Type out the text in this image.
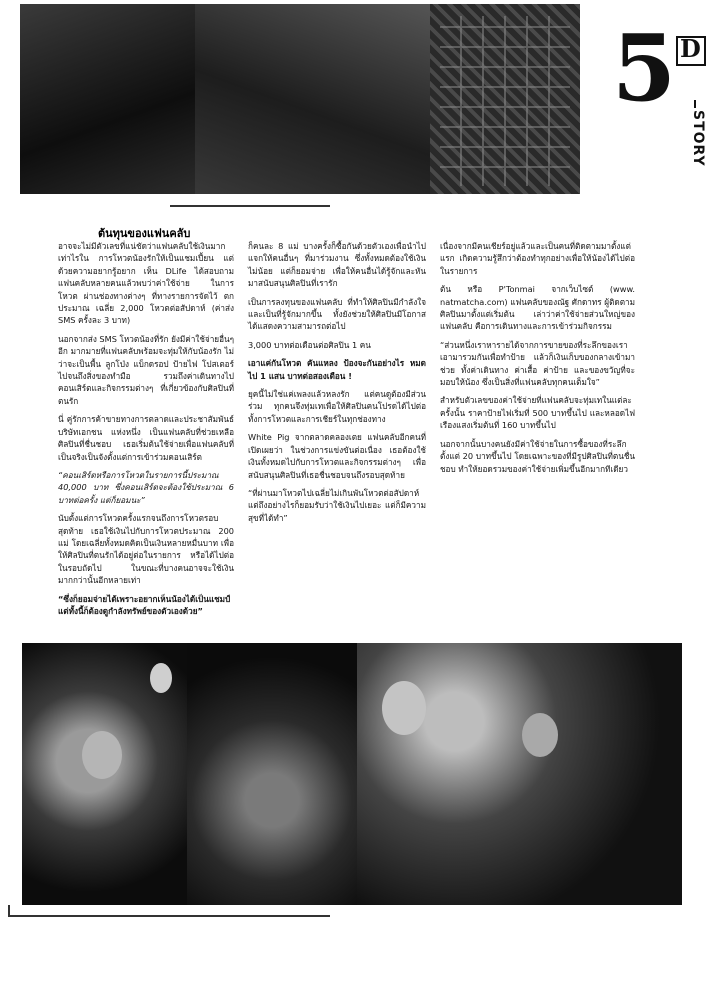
5 D
STORY
ต้นทุนของแฟนคลับ

อาจจะไม่มีตัวเลขที่แน่ชัดว่าแฟนคลับใช้เงินมากเท่าไรใน การโหวตน้องรักให้เป็นแชมเปี้ยน แต่ด้วยความอยากรู้อยาก เห็น DLife ได้สอบถามแฟนคลับหลายคนแล้วพบว่าค่าใช้จ่าย ในการโหวต ผ่านช่องทางต่างๆ ที่ทางรายการจัดไว้ ตกประมาณ เฉลี่ย 2,000 โหวตต่อสัปดาห์ (ค่าส่ง SMS ครั้งละ 3 บาท)

นอกจากส่ง SMS โหวตน้องที่รัก ยังมีค่าใช้จ่ายอื่นๆ อีก มากมายที่แฟนคลับพร้อมจะทุ่มให้กับน้องรัก ไม่ว่าจะเป็นพื้น ลูกโป่ง แบ็กดรอป ป้ายไฟ โปสเตอร์ ไปจนถึงสิ่งของทำมือ รวมถึงค่าเดินทางไปคอนเสิร์ตและกิจกรรมต่างๆ ที่เกี่ยวข้องกับศิลปินที่ตนรัก

นี่ คู่รักการค้าขายทางการตลาดและประชาสัมพันธ์ บริษัทเอกชน แห่งหนึ่ง เป็นแฟนคลับที่ช่วยเหลือศิลปินที่ชื่นชอบ เธอเริ่มต้นใช้จ่ายเพื่อแฟนคลับที่เป็นจริงเป็นจังตั้งแต่การเข้าร่วมคอนเสิร์ต

“คอนเสิร์ตหรือการโหวตในรายการนี้ประมาณ 40,000 บาท ซึ่งคอนเสิร์ตจะต้องใช้ประมาณ 6 บาทต่อครั้ง แต่ก็ยอมนะ”

นับตั้งแต่การโหวตครั้งแรกจนถึงการโหวตรอบสุดท้าย เธอใช้เงินไปกับการโหวตประมาณ 200 แม่ โดยเฉลี่ยทั้งหมดคิดเป็นเงินหลายหมื่นบาท เพื่อให้ศิลปินที่ตนรักได้อยู่ต่อในรายการ หรือได้ไปต่อในรอบถัดไป ในขณะที่บางคนอาจจะใช้เงินมากกว่านั้นอีกหลายเท่า

“ซึ่งก็ยอมจ่ายได้เพราะอยากเห็นน้องได้เป็นแชมป์ แต่ทั้งนี้ก็ต้องดูกำลังทรัพย์ของตัวเองด้วย”

ก็คนละ 8 แม่ บางครั้งก็ซื้อกันด้วยตัวเองเพื่อนำไปแจกให้คนอื่นๆ ที่มาร่วมงาน ซึ่งทั้งหมดต้องใช้เงินไม่น้อย แต่ก็ยอมจ่าย เพื่อให้คนอื่นได้รู้จักและหันมาสนับสนุนศิลปินที่เรารัก

เป็นการลงทุนของแฟนคลับ ที่ทำให้ศิลปินมีกำลังใจและเป็นที่รู้จักมากขึ้น ทั้งยังช่วยให้ศิลปินมีโอกาสได้แสดงความสามารถต่อไป

3,000 บาทต่อเดือนต่อศิลปิน 1 คน

เอาแค่กันโหวต คันแหลง ป้องจะกันอย่างไร หมดไป 1 แสน บาทต่อสองเดือน !

ยุคนี้ไม่ใช่แค่เพลงแล้วหลงรัก แต่คนดูต้องมีส่วนร่วม ทุกคนจึงทุ่มเทเพื่อให้ศิลปินคนโปรดได้ไปต่อ ทั้งการโหวตและการเชียร์ในทุกช่องทาง

White Pig จากตลาดคลองเตย แฟนคลับอีกคนที่เปิดเผยว่า ในช่วงการแข่งขันต่อเนื่อง เธอต้องใช้เงินทั้งหมดไปกับการโหวตและกิจกรรมต่างๆ เพื่อสนับสนุนศิลปินที่เธอชื่นชอบจนถึงรอบสุดท้าย

“ที่ผ่านมาโหวตไปเฉลี่ยไม่เกินพันโหวตต่อสัปดาห์ แต่ถึงอย่างไรก็ยอมรับว่าใช้เงินไปเยอะ แต่ก็มีความสุขที่ได้ทำ”

เนื่องจากมีคนเชียร์อยู่แล้วและเป็นคนที่ติดตามมาตั้งแต่แรก เกิดความรู้สึกว่าต้องทำทุกอย่างเพื่อให้น้องได้ไปต่อในรายการ

ต้น หรือ P'Tonmai จากเว็บไซต์ (www. natmatcha.com) แฟนคลับของณัฐ ศักดาทร ผู้ติดตามศิลปินมาตั้งแต่เริ่มต้น เล่าว่าค่าใช้จ่ายส่วนใหญ่ของแฟนคลับ คือการเดินทางและการเข้าร่วมกิจกรรม

“ส่วนหนึ่งเราหารายได้จากการขายของที่ระลึกของเรา เอามารวมกันเพื่อทำป้าย แล้วก็เงินเก็บของกลางเข้ามาช่วย ทั้งค่าเดินทาง ค่าเสื้อ ค่าป้าย และของขวัญที่จะมอบให้น้อง ซึ่งเป็นสิ่งที่แฟนคลับทุกคนเต็มใจ”

สำหรับตัวเลขของค่าใช้จ่ายที่แฟนคลับจะทุ่มเทในแต่ละครั้งนั้น ราคาป้ายไฟเริ่มที่ 500 บาทขึ้นไป และหลอดไฟเรืองแสงเริ่มต้นที่ 160 บาทขึ้นไป

นอกจากนั้นบางคนยังมีค่าใช้จ่ายในการซื้อของที่ระลึก ตั้งแต่ 20 บาทขึ้นไป โดยเฉพาะของที่มีรูปศิลปินที่ตนชื่นชอบ ทำให้ยอดรวมของค่าใช้จ่ายเพิ่มขึ้นอีกมากทีเดียว
